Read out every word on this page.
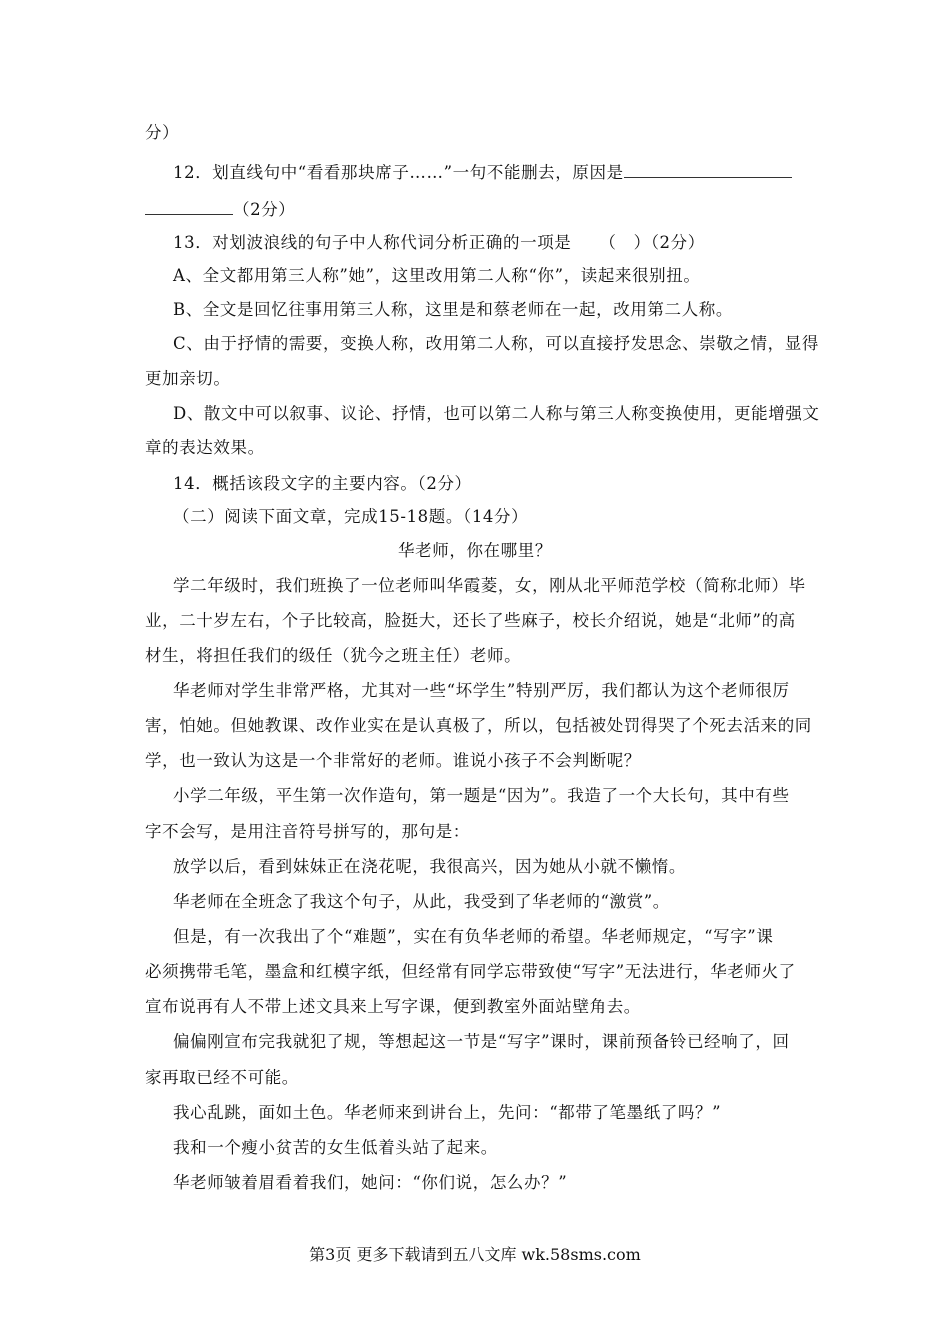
分）
12．划直线句中“看看那块席子……”一句不能删去，原因是
（2分）
13．对划波浪线的句子中人称代词分析正确的一项是 （　）（2分）
A、全文都用第三人称”她”，这里改用第二人称“你”，读起来很别扭。
B、全文是回忆往事用第三人称，这里是和蔡老师在一起，改用第二人称。
C、由于抒情的需要，变换人称，改用第二人称，可以直接抒发思念、崇敬之情，显得
更加亲切。
D、散文中可以叙事、议论、抒情，也可以第二人称与第三人称变换使用，更能增强文
章的表达效果。
14．概括该段文字的主要内容。（2分）
（二）阅读下面文章，完成15-18题。（14分）
华老师，你在哪里？
学二年级时，我们班换了一位老师叫华霞菱，女，刚从北平师范学校（简称北师）毕
业，二十岁左右，个子比较高，脸挺大，还长了些麻子，校长介绍说，她是“北师”的高
材生，将担任我们的级任（犹今之班主任）老师。
华老师对学生非常严格，尤其对一些“坏学生”特别严厉，我们都认为这个老师很厉
害，怕她。但她教课、改作业实在是认真极了，所以，包括被处罚得哭了个死去活来的同
学，也一致认为这是一个非常好的老师。谁说小孩子不会判断呢？
小学二年级，平生第一次作造句，第一题是“因为”。我造了一个大长句，其中有些
字不会写，是用注音符号拼写的，那句是：
放学以后，看到妹妹正在浇花呢，我很高兴，因为她从小就不懒惰。
华老师在全班念了我这个句子，从此，我受到了华老师的“激赏”。
但是，有一次我出了个“难题”，实在有负华老师的希望。华老师规定，“写字”课
必须携带毛笔，墨盒和红模字纸，但经常有同学忘带致使“写字”无法进行，华老师火了
宣布说再有人不带上述文具来上写字课，便到教室外面站壁角去。
偏偏刚宣布完我就犯了规，等想起这一节是“写字”课时，课前预备铃已经响了，回
家再取已经不可能。
我心乱跳，面如土色。华老师来到讲台上，先问：“都带了笔墨纸了吗？”
我和一个瘦小贫苦的女生低着头站了起来。
华老师皱着眉看着我们，她问：“你们说，怎么办？”
第3页 更多下载请到五八文库 wk.58sms.com
